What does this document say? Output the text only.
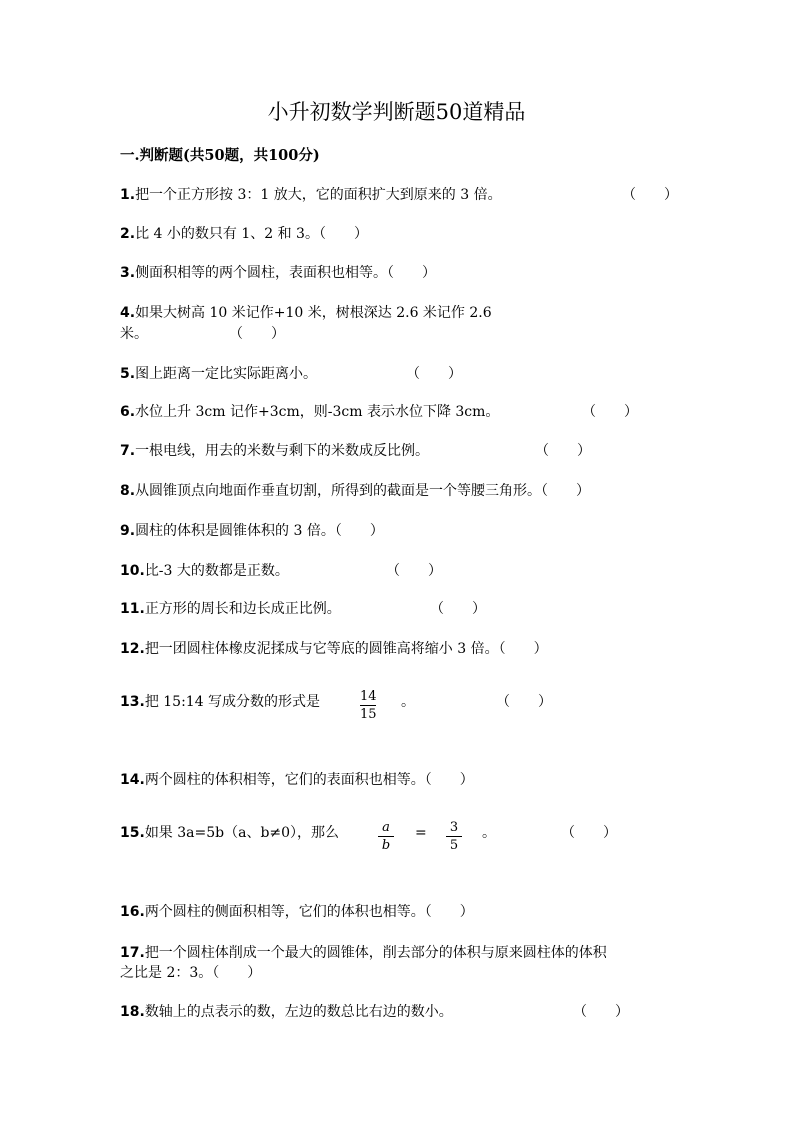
小升初数学判断题50道精品
一.判断题(共50题，共100分)
1.把一个正方形按 3：1 放大，它的面积扩大到原来的 3 倍。	（　　）
2.比 4 小的数只有 1、2 和 3。（　　）
3.侧面积相等的两个圆柱，表面积也相等。（　　）
4.如果大树高 10 米记作+10 米，树根深达 2.6 米记作 2.6
米。	（　　）
5.图上距离一定比实际距离小。	（　　）
6.水位上升 3cm 记作+3cm，则-3cm 表示水位下降 3cm。	（　　）
7.一根电线，用去的米数与剩下的米数成反比例。	（　　）
8.从圆锥顶点向地面作垂直切割，所得到的截面是一个等腰三角形。（　　）
9.圆柱的体积是圆锥体积的 3 倍。（　　）
10.比-3 大的数都是正数。	（　　）
11.正方形的周长和边长成正比例。	（　　）
12.把一团圆柱体橡皮泥揉成与它等底的圆锥高将缩小 3 倍。（　　）
13.把 15:14 写成分数的形式是	14
15
。	（　　）
14.两个圆柱的体积相等，它们的表面积也相等。（　　）
15.如果 3a=5b（a、b≠0），那么	a
b
= 3
5
。	（　　）
16.两个圆柱的侧面积相等，它们的体积也相等。（　　）
17.把一个圆柱体削成一个最大的圆锥体，削去部分的体积与原来圆柱体的体积
之比是 2：3。（　　）
18.数轴上的点表示的数，左边的数总比右边的数小。	（　　）
